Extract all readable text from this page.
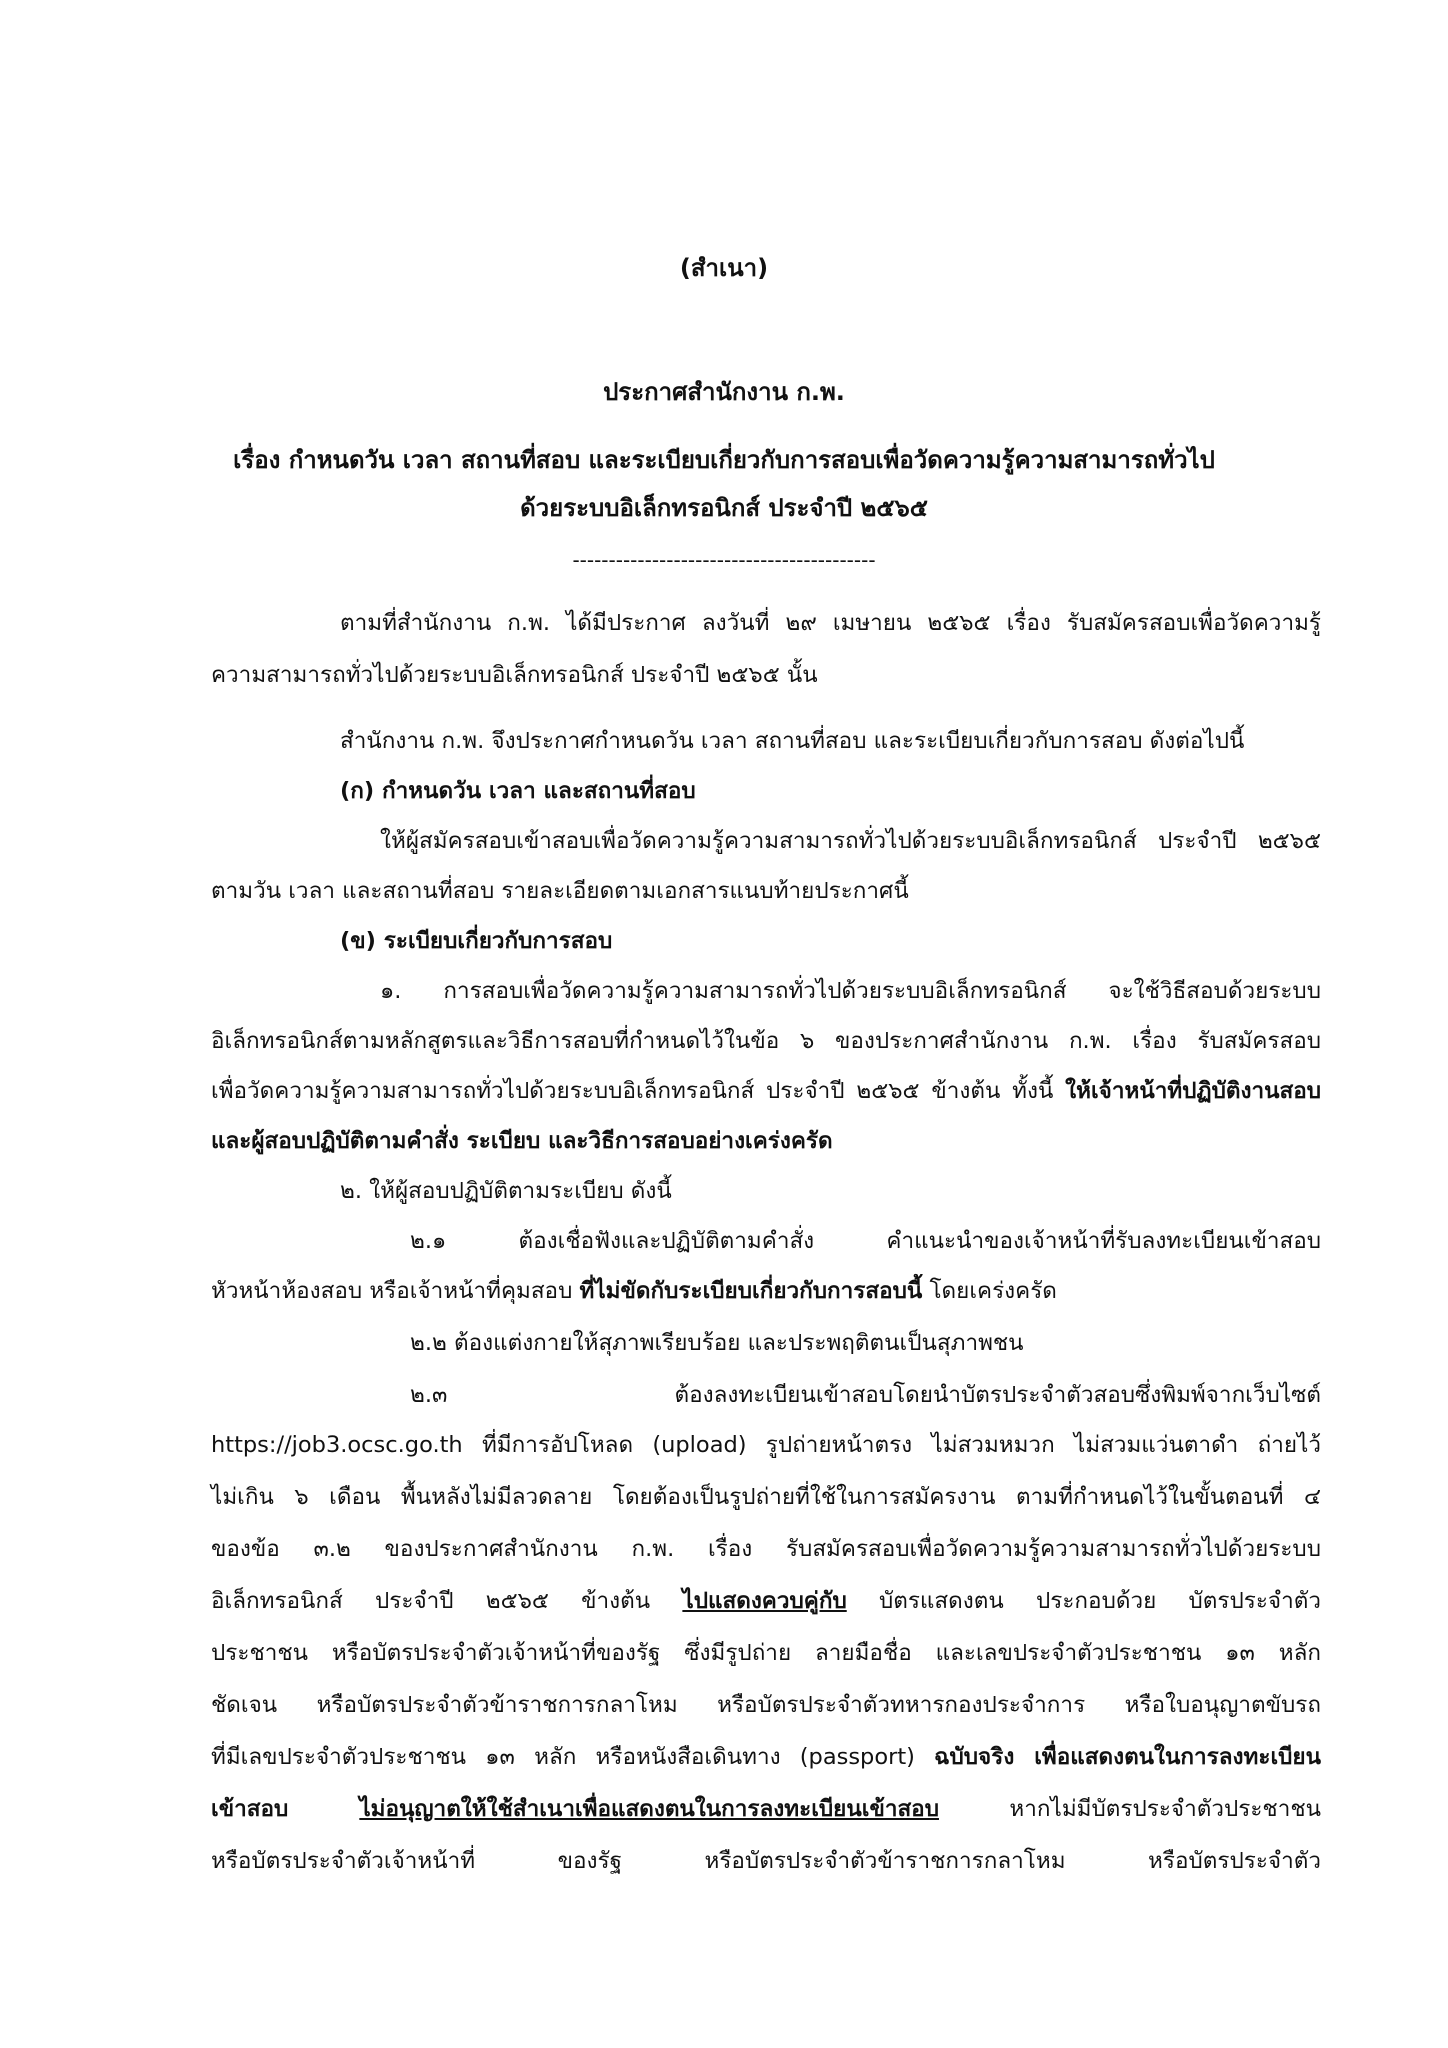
(สำเนา)
ประกาศสำนักงาน ก.พ.
เรื่อง กำหนดวัน เวลา สถานที่สอบ และระเบียบเกี่ยวกับการสอบเพื่อวัดความรู้ความสามารถทั่วไป
ด้วยระบบอิเล็กทรอนิกส์ ประจำปี ๒๕๖๕
------------------------------------------
ตามที่สำนักงาน ก.พ. ได้มีประกาศ ลงวันที่ ๒๙ เมษายน ๒๕๖๕ เรื่อง รับสมัครสอบเพื่อวัดความรู้
ความสามารถทั่วไปด้วยระบบอิเล็กทรอนิกส์ ประจำปี ๒๕๖๕ นั้น
สำนักงาน ก.พ. จึงประกาศกำหนดวัน เวลา สถานที่สอบ และระเบียบเกี่ยวกับการสอบ ดังต่อไปนี้
(ก) กำหนดวัน เวลา และสถานที่สอบ
ให้ผู้สมัครสอบเข้าสอบเพื่อวัดความรู้ความสามารถทั่วไปด้วยระบบอิเล็กทรอนิกส์ ประจำปี ๒๕๖๕
ตามวัน เวลา และสถานที่สอบ รายละเอียดตามเอกสารแนบท้ายประกาศนี้
(ข) ระเบียบเกี่ยวกับการสอบ
๑. การสอบเพื่อวัดความรู้ความสามารถทั่วไปด้วยระบบอิเล็กทรอนิกส์ จะใช้วิธีสอบด้วยระบบ
อิเล็กทรอนิกส์ตามหลักสูตรและวิธีการสอบที่กำหนดไว้ในข้อ ๖ ของประกาศสำนักงาน ก.พ. เรื่อง รับสมัครสอบ
เพื่อวัดความรู้ความสามารถทั่วไปด้วยระบบอิเล็กทรอนิกส์ ประจำปี ๒๕๖๕ ข้างต้น ทั้งนี้ ให้เจ้าหน้าที่ปฏิบัติงานสอบ
และผู้สอบปฏิบัติตามคำสั่ง ระเบียบ และวิธีการสอบอย่างเคร่งครัด
๒. ให้ผู้สอบปฏิบัติตามระเบียบ ดังนี้
๒.๑ ต้องเชื่อฟังและปฏิบัติตามคำสั่ง คำแนะนำของเจ้าหน้าที่รับลงทะเบียนเข้าสอบ
หัวหน้าห้องสอบ หรือเจ้าหน้าที่คุมสอบ ที่ไม่ขัดกับระเบียบเกี่ยวกับการสอบนี้ โดยเคร่งครัด
๒.๒ ต้องแต่งกายให้สุภาพเรียบร้อย และประพฤติตนเป็นสุภาพชน
๒.๓ ต้องลงทะเบียนเข้าสอบโดยนำบัตรประจำตัวสอบซึ่งพิมพ์จากเว็บไซต์
https://job3.ocsc.go.th ที่มีการอัปโหลด (upload) รูปถ่ายหน้าตรง ไม่สวมหมวก ไม่สวมแว่นตาดำ ถ่ายไว้
ไม่เกิน ๖ เดือน พื้นหลังไม่มีลวดลาย โดยต้องเป็นรูปถ่ายที่ใช้ในการสมัครงาน ตามที่กำหนดไว้ในขั้นตอนที่ ๔
ของข้อ ๓.๒ ของประกาศสำนักงาน ก.พ. เรื่อง รับสมัครสอบเพื่อวัดความรู้ความสามารถทั่วไปด้วยระบบ
อิเล็กทรอนิกส์ ประจำปี ๒๕๖๕ ข้างต้น ไปแสดงควบคู่กับ บัตรแสดงตน ประกอบด้วย บัตรประจำตัว
ประชาชน หรือบัตรประจำตัวเจ้าหน้าที่ของรัฐ ซึ่งมีรูปถ่าย ลายมือชื่อ และเลขประจำตัวประชาชน ๑๓ หลัก
ชัดเจน หรือบัตรประจำตัวข้าราชการกลาโหม หรือบัตรประจำตัวทหารกองประจำการ หรือใบอนุญาตขับรถ
ที่มีเลขประจำตัวประชาชน ๑๓ หลัก หรือหนังสือเดินทาง (passport) ฉบับจริง เพื่อแสดงตนในการลงทะเบียน
เข้าสอบ ไม่อนุญาตให้ใช้สำเนาเพื่อแสดงตนในการลงทะเบียนเข้าสอบ หากไม่มีบัตรประจำตัวประชาชน
หรือบัตรประจำตัวเจ้าหน้าที่ ของรัฐ หรือบัตรประจำตัวข้าราชการกลาโหม หรือบัตรประจำตัว
